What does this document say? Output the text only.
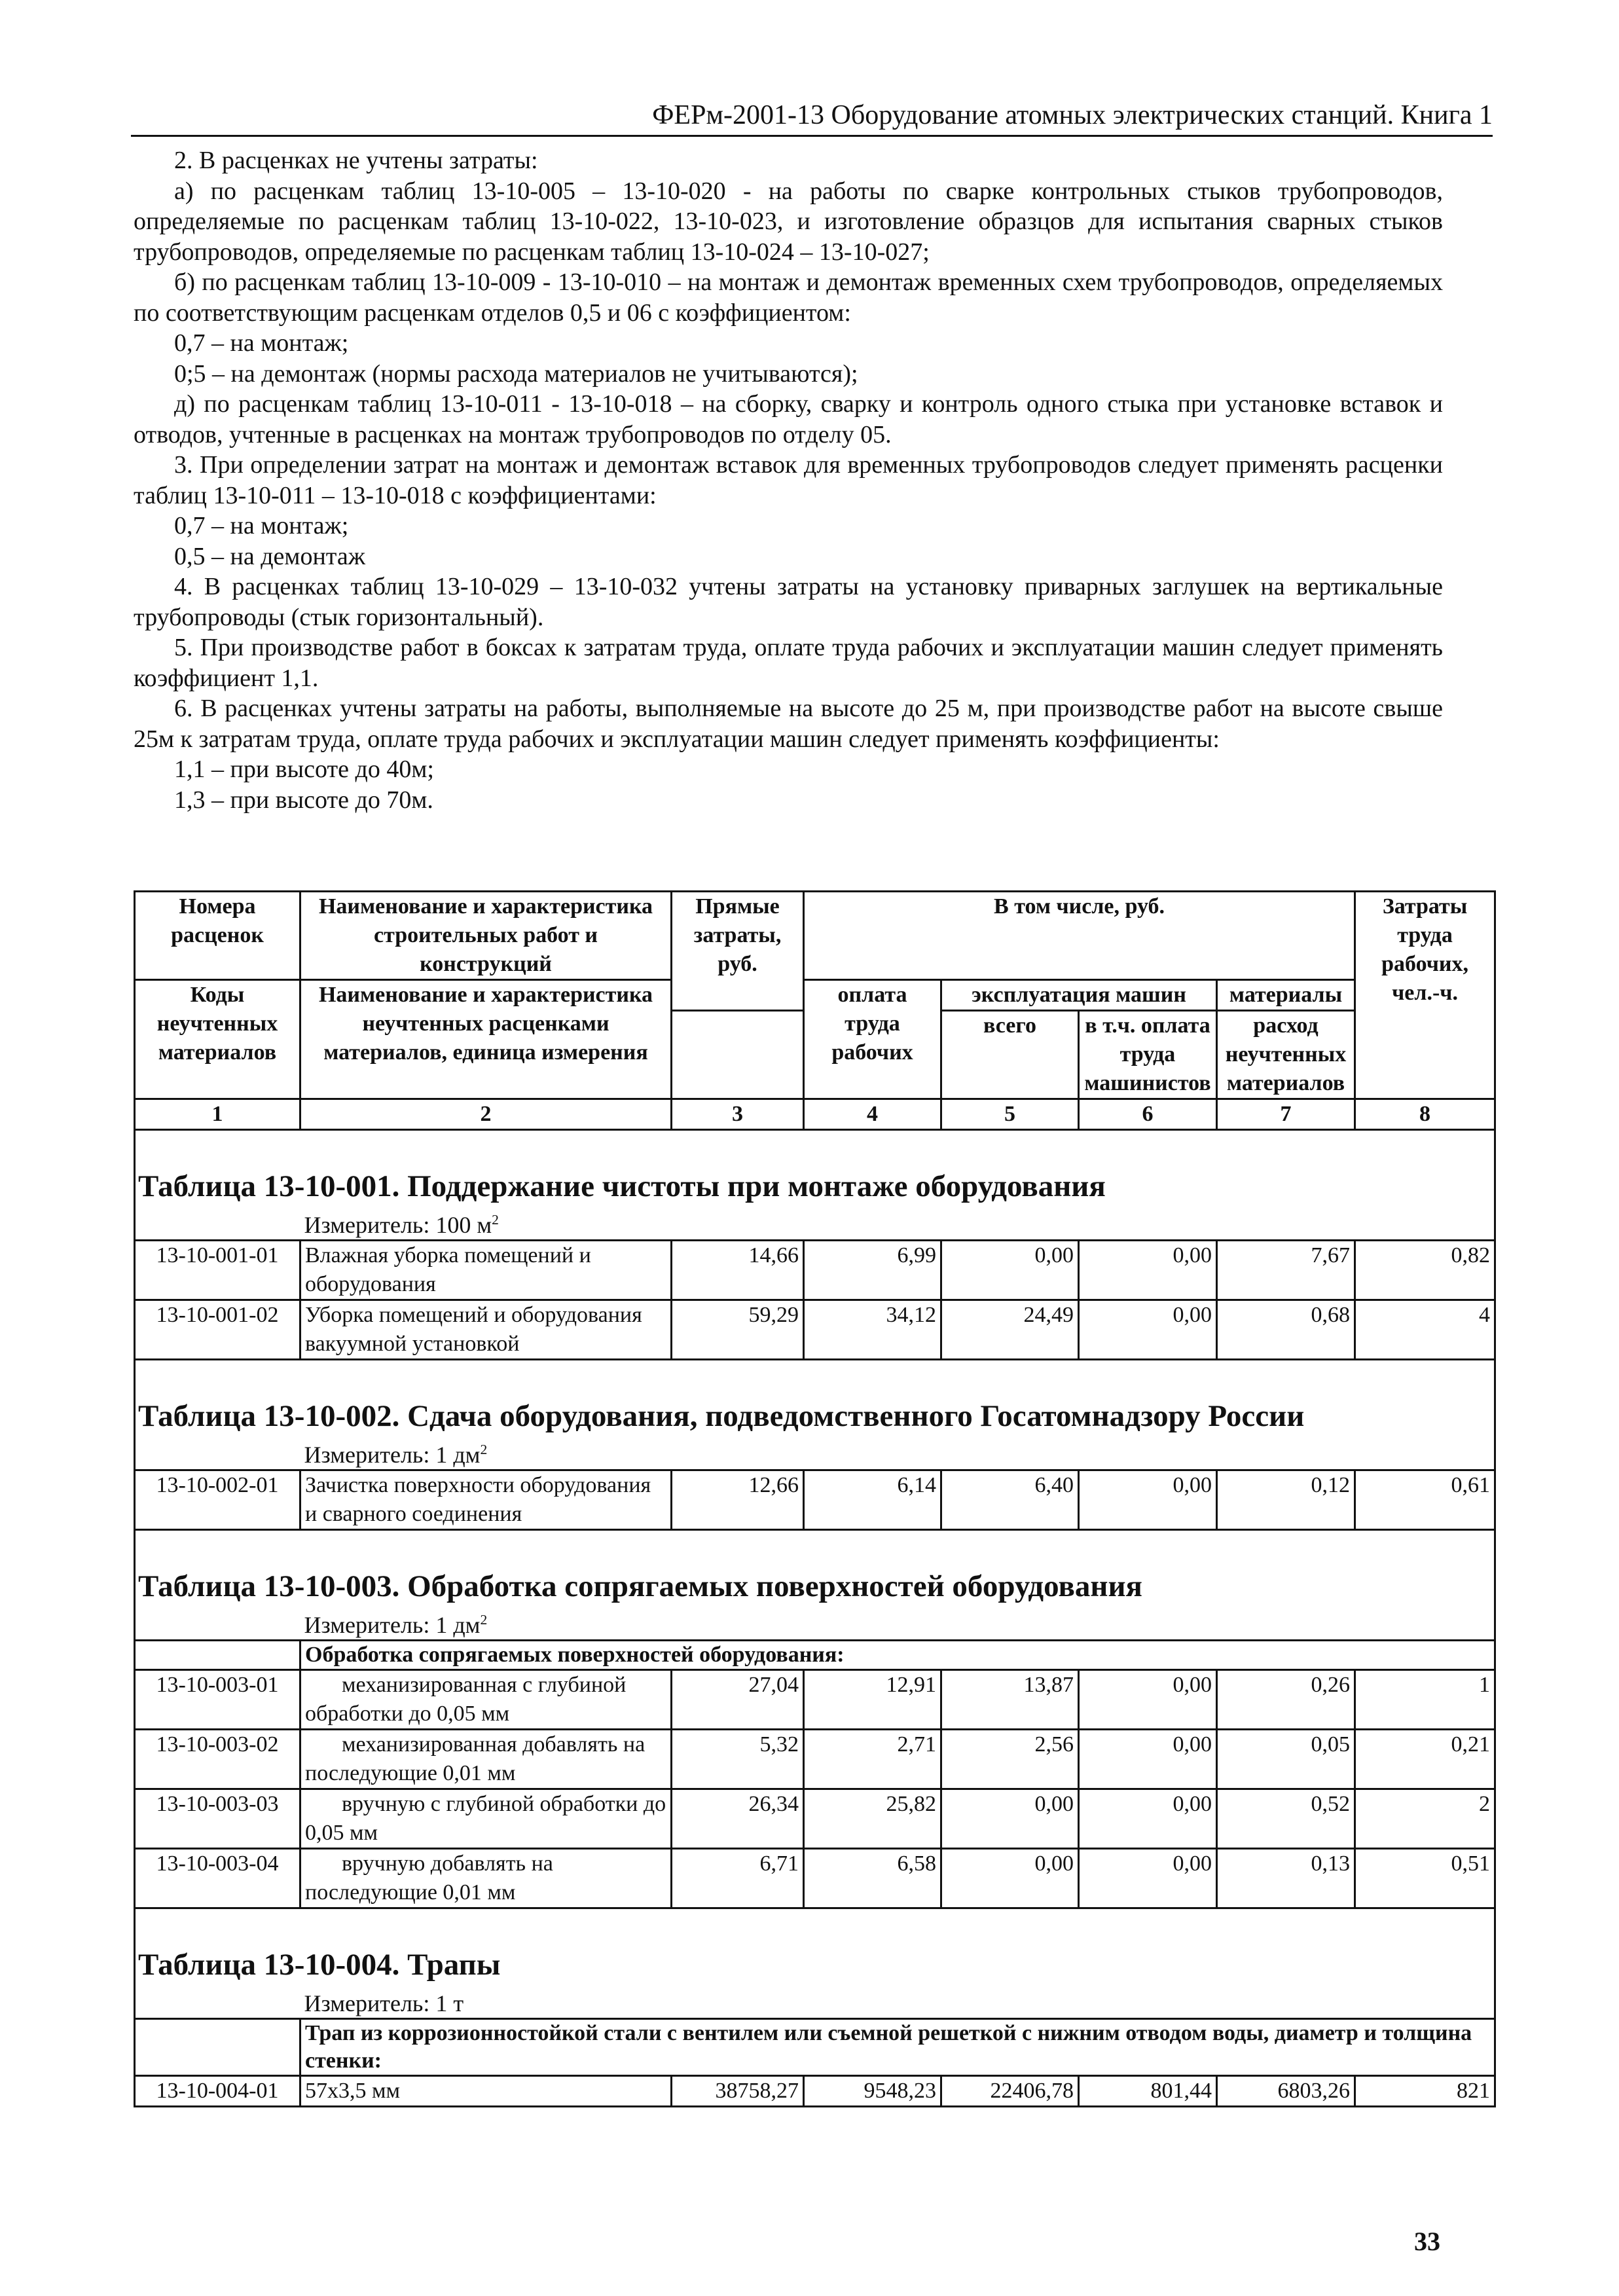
ФЕРм-2001-13 Оборудование атомных электрических станций. Книга 1

2. В расценках не учтены затраты:

а) по расценкам таблиц 13-10-005 – 13-10-020 - на работы по сварке контрольных стыков трубопроводов, определяемые по расценкам таблиц 13-10-022, 13-10-023, и изготовление образцов для испытания сварных стыков трубопроводов, определяемые по расценкам таблиц 13-10-024 – 13-10-027;

б) по расценкам таблиц 13-10-009 - 13-10-010 – на монтаж и демонтаж временных схем трубопроводов, определяемых по соответствующим расценкам отделов 0,5 и 06 с коэффициентом:

0,7 – на монтаж;

0;5 – на демонтаж (нормы расхода материалов не учитываются);

д) по расценкам таблиц 13-10-011 - 13-10-018 – на сборку, сварку и контроль одного стыка при установке вставок и отводов, учтенные в расценках на монтаж трубопроводов по отделу 05.

3. При определении затрат на монтаж и демонтаж вставок для временных трубопроводов следует применять расценки таблиц 13-10-011 – 13-10-018 с коэффициентами:

0,7 – на монтаж;

0,5 – на демонтаж

4. В расценках таблиц 13-10-029 – 13-10-032 учтены затраты на установку приварных заглушек на вертикальные трубопроводы (стык горизонтальный).

5. При производстве работ в боксах к затратам труда, оплате труда рабочих и эксплуатации машин следует применять коэффициент 1,1.

6. В расценках учтены затраты на работы, выполняемые на высоте до 25 м, при производстве работ на высоте свыше 25м к затратам труда, оплате труда рабочих и эксплуатации машин следует применять коэффициенты:

1,1 – при высоте до 40м;

1,3 – при высоте до 70м.

Номера расценок	Наименование и характеристика строительных работ и конструкций	Прямые затраты, руб.	В том числе, руб.				Затраты труда рабочих, чел.-ч.
Коды неучтенных материалов	Наименование и характеристика неучтенных расценками материалов, единица измерения		оплата труда рабочих	эксплуатация машин		материалы	
				всего	в т.ч. оплата труда машинистов	расход неучтенных материалов	

1	2	3	4	5	6	7	8
Таблица 13-10-001. Поддержание чистоты при монтаже оборудования							
	Измеритель: 100 $м^2$
13-10-001-01	Влажная уборка помещений и оборудования	14,66	6,99	0,00	0,00	7,67	0,82
13-10-001-02	Уборка помещений и оборудования вакуумной установкой	59,29	34,12	24,49	0,00	0,68	4
Таблица 13-10-002. Сдача оборудования, подведомственного Госатомнадзору России							
	Измеритель: 1 $дм^2$
13-10-002-01	Зачистка поверхности оборудования и сварного соединения	12,66	6,14	6,40	0,00	0,12	0,61
Таблица 13-10-003. Обработка сопрягаемых поверхностей оборудования							
	Измеритель: 1 $дм^2$
	Обработка сопрягаемых поверхностей оборудования:						
13-10-003-01	механизированная с глубиной обработки до 0,05 мм	27,04	12,91	13,87	0,00	0,26	1
13-10-003-02	механизированная добавлять на последующие 0,01 мм	5,32	2,71	2,56	0,00	0,05	0,21
13-10-003-03	вручную с глубиной обработки до 0,05 мм	26,34	25,82	0,00	0,00	0,52	2
13-10-003-04	вручную добавлять на последующие 0,01 мм	6,71	6,58	0,00	0,00	0,13	0,51
Таблица 13-10-004. Трапы							
	Измеритель: 1 т						
	Трап из коррозионностойкой стали с вентилем или съемной решеткой с нижним отводом воды, диаметр и толщина стенки:						
13-10-004-01	57х3,5 мм	38758,27	9548,23	22406,78	801,44	6803,26	821
33
